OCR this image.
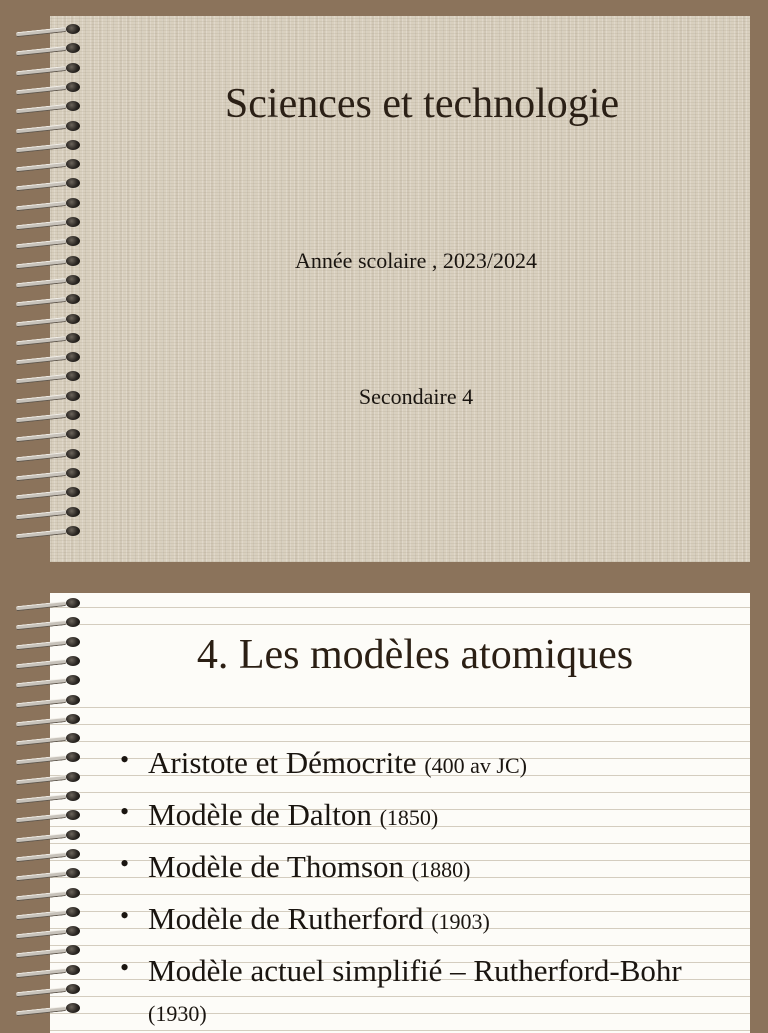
Sciences et technologie
Année scolaire , 2023/2024
Secondaire 4
4. Les modèles atomiques
• Aristote et Démocrite (400 av JC)
• Modèle de Dalton (1850)
• Modèle de Thomson (1880)
• Modèle de Rutherford (1903)
• Modèle actuel simplifié – Rutherford-Bohr (1930)
